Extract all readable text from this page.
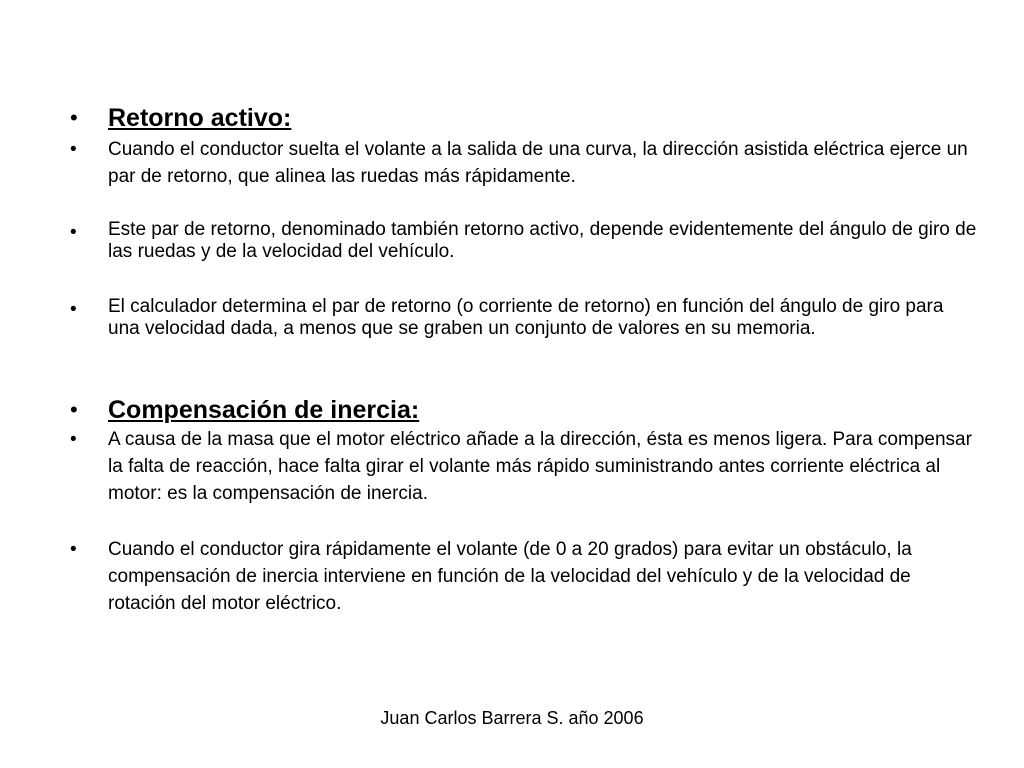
•	Retorno activo:
•	Cuando el conductor suelta el volante a la salida de una curva, la dirección asistida eléctrica ejerce un par de retorno, que alinea las ruedas más rápidamente.
•	Este par de retorno, denominado también retorno activo, depende evidentemente del ángulo de giro de las ruedas y de la velocidad del vehículo.
•	El calculador determina el par de retorno (o corriente de retorno) en función del ángulo de giro para una velocidad dada, a menos que se graben un conjunto de valores en su memoria.
•	Compensación de inercia:
•	A causa de la masa que el motor eléctrico añade a la dirección, ésta es menos ligera. Para compensar la falta de reacción, hace falta girar el volante más rápido suministrando antes corriente eléctrica al motor: es la compensación de inercia.
•	Cuando el conductor gira rápidamente el volante (de 0 a 20 grados) para evitar un obstáculo, la compensación de inercia interviene en función de la velocidad del vehículo y de la velocidad de rotación del motor eléctrico.
Juan Carlos Barrera S. año 2006
